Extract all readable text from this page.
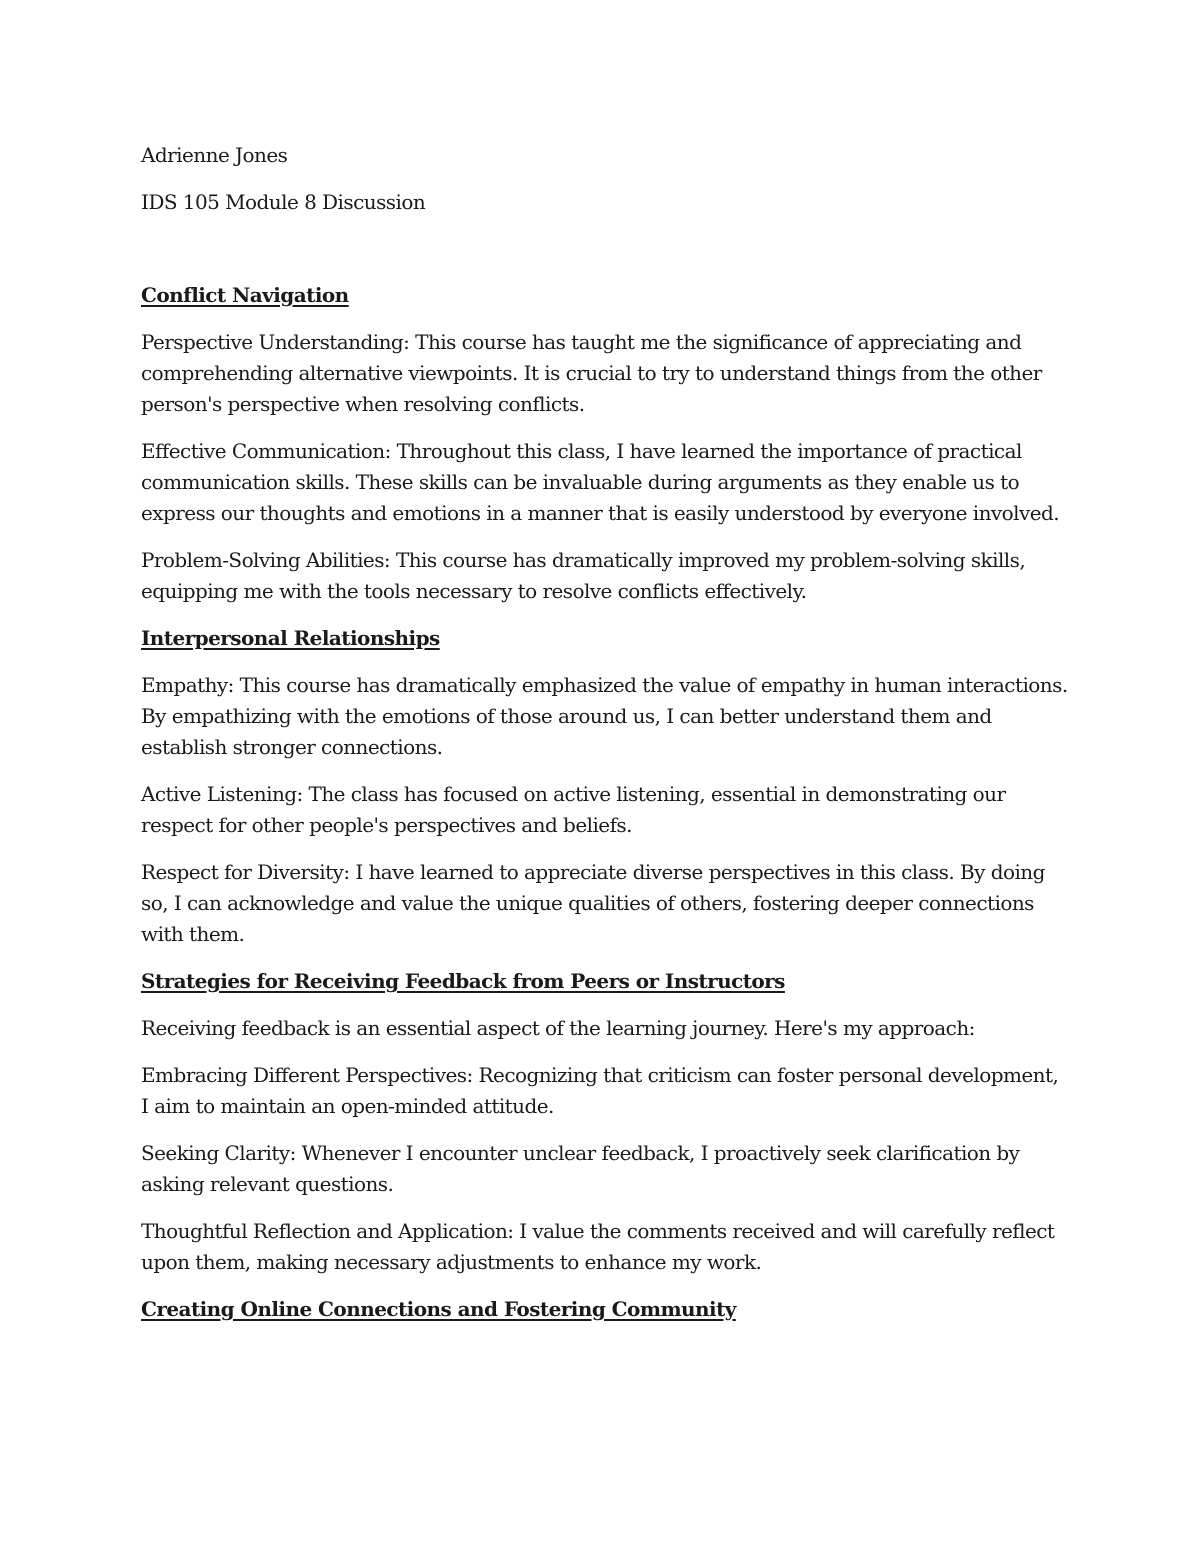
Adrienne Jones

IDS 105 Module 8 Discussion

Conflict Navigation

Perspective Understanding: This course has taught me the significance of appreciating and comprehending alternative viewpoints. It is crucial to try to understand things from the other person's perspective when resolving conflicts.

Effective Communication: Throughout this class, I have learned the importance of practical communication skills. These skills can be invaluable during arguments as they enable us to express our thoughts and emotions in a manner that is easily understood by everyone involved.

Problem-Solving Abilities: This course has dramatically improved my problem-solving skills, equipping me with the tools necessary to resolve conflicts effectively.

Interpersonal Relationships

Empathy: This course has dramatically emphasized the value of empathy in human interactions. By empathizing with the emotions of those around us, I can better understand them and establish stronger connections.

Active Listening: The class has focused on active listening, essential in demonstrating our respect for other people's perspectives and beliefs.

Respect for Diversity: I have learned to appreciate diverse perspectives in this class. By doing so, I can acknowledge and value the unique qualities of others, fostering deeper connections with them.

Strategies for Receiving Feedback from Peers or Instructors

Receiving feedback is an essential aspect of the learning journey. Here's my approach:

Embracing Different Perspectives: Recognizing that criticism can foster personal development, I aim to maintain an open-minded attitude.

Seeking Clarity: Whenever I encounter unclear feedback, I proactively seek clarification by asking relevant questions.

Thoughtful Reflection and Application: I value the comments received and will carefully reflect upon them, making necessary adjustments to enhance my work.

Creating Online Connections and Fostering Community
